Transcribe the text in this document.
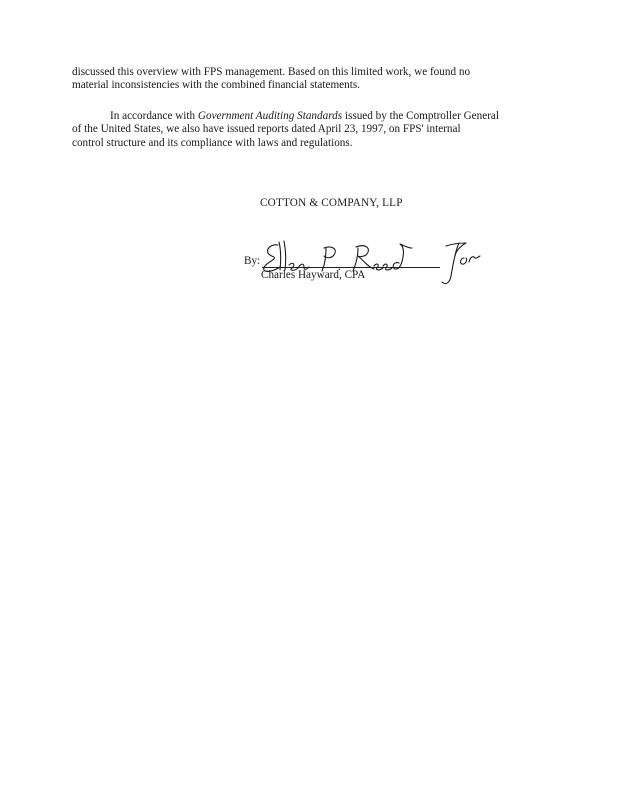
discussed this overview with FPS management. Based on this limited work, we found no
material inconsistencies with the combined financial statements.

In accordance with Government Auditing Standards issued by the Comptroller General
of the United States, we also have issued reports dated April 23, 1997, on FPS' internal
control structure and its compliance with laws and regulations.

COTTON & COMPANY, LLP
By:
Charles Hayward, CPA
